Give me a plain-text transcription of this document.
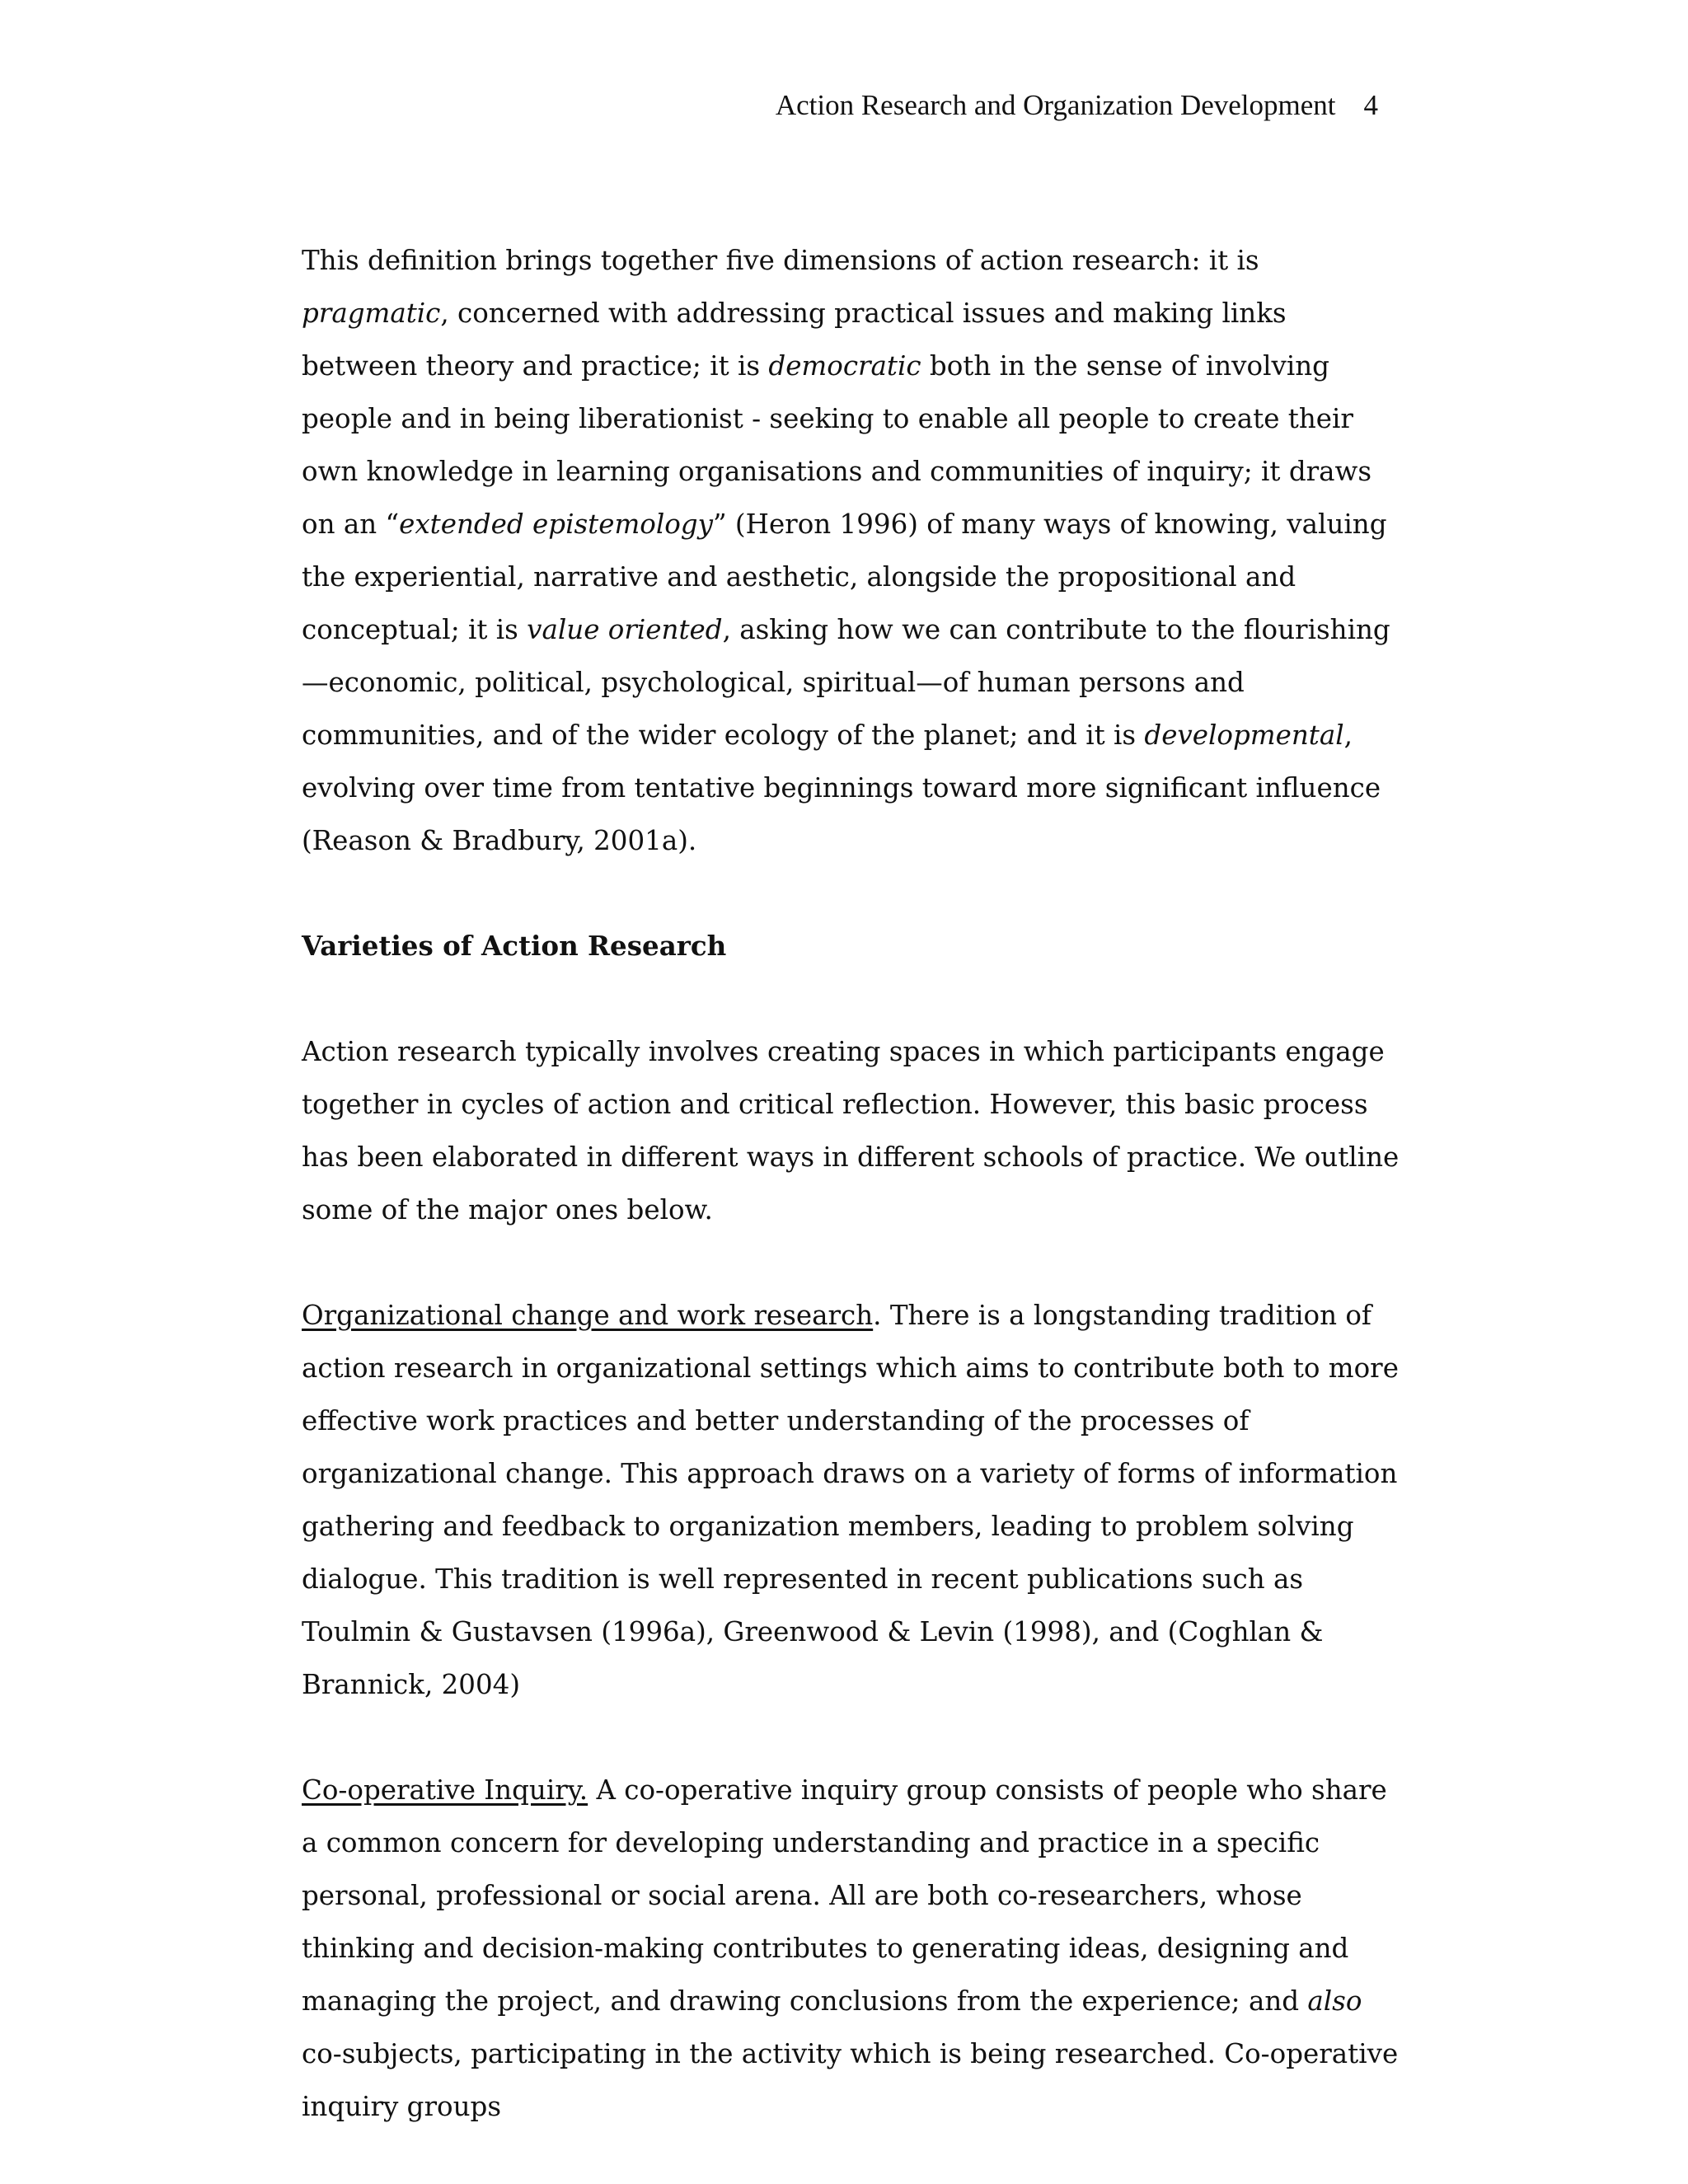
Action Research and Organization Development 4

This definition brings together five dimensions of action research: it is pragmatic, concerned with addressing practical issues and making links between theory and practice; it is democratic both in the sense of involving people and in being liberationist - seeking to enable all people to create their own knowledge in learning organisations and communities of inquiry; it draws on an “extended epistemology” (Heron 1996) of many ways of knowing, valuing the experiential, narrative and aesthetic, alongside the propositional and conceptual; it is value oriented, asking how we can contribute to the flourishing—economic, political, psychological, spiritual—of human persons and communities, and of the wider ecology of the planet; and it is developmental, evolving over time from tentative beginnings toward more significant influence (Reason & Bradbury, 2001a).

Varieties of Action Research

Action research typically involves creating spaces in which participants engage together in cycles of action and critical reflection. However, this basic process has been elaborated in different ways in different schools of practice. We outline some of the major ones below.

Organizational change and work research. There is a longstanding tradition of action research in organizational settings which aims to contribute both to more effective work practices and better understanding of the processes of organizational change. This approach draws on a variety of forms of information gathering and feedback to organization members, leading to problem solving dialogue. This tradition is well represented in recent publications such as Toulmin & Gustavsen (1996a), Greenwood & Levin (1998), and (Coghlan & Brannick, 2004)

Co-operative Inquiry. A co-operative inquiry group consists of people who share a common concern for developing understanding and practice in a specific personal, professional or social arena. All are both co-researchers, whose thinking and decision-making contributes to generating ideas, designing and managing the project, and drawing conclusions from the experience; and also co-subjects, participating in the activity which is being researched. Co-operative inquiry groups
